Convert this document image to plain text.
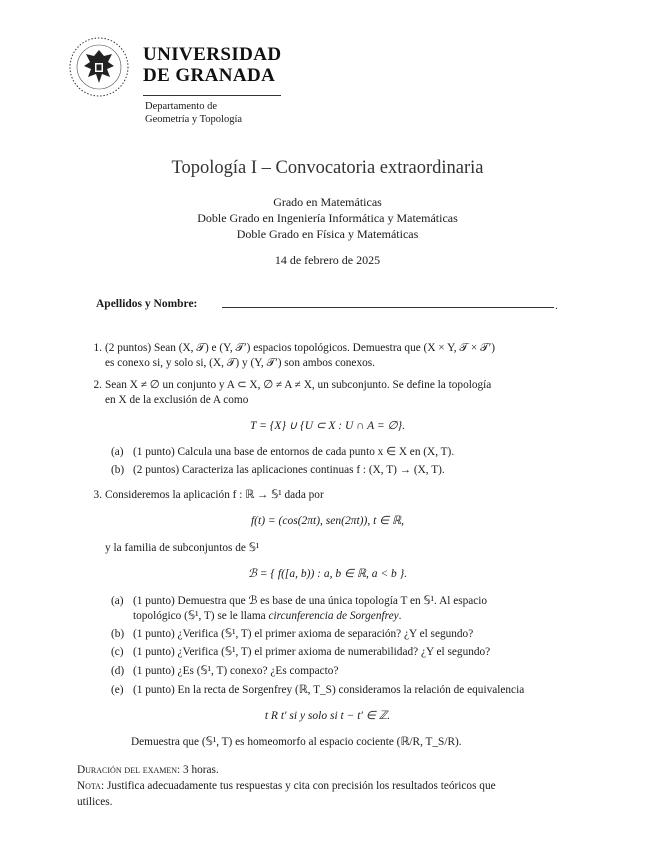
UNIVERSIDAD
DE GRANADA
Departamento de
Geometría y Topología
Topología I – Convocatoria extraordinaria
Grado en Matemáticas
Doble Grado en Ingeniería Informática y Matemáticas
Doble Grado en Física y Matemáticas
14 de febrero de 2025
Apellidos y Nombre:	.
1. (2 puntos) Sean (X, 𝒯) e (Y, 𝒯′) espacios topológicos. Demuestra que (X × Y, 𝒯 × 𝒯′)
es conexo si, y solo si, (X, 𝒯) y (Y, 𝒯′) son ambos conexos.
2. Sean X ≠ ∅ un conjunto y A ⊂ X, ∅ ≠ A ≠ X, un subconjunto. Se define la topología
en X de la exclusión de A como
T = {X} ∪ {U ⊂ X : U ∩ A = ∅}.
(a) (1 punto) Calcula una base de entornos de cada punto x ∈ X en (X, T).
(b) (2 puntos) Caracteriza las aplicaciones continuas f : (X, T) → (X, T).
3. Consideremos la aplicación f : ℝ → 𝕊¹ dada por
f(t) = (cos(2πt), sen(2πt)), t ∈ ℝ,
y la familia de subconjuntos de 𝕊¹
ℬ = { f([a, b)) : a, b ∈ ℝ, a < b }.
(a) (1 punto) Demuestra que ℬ es base de una única topología T en 𝕊¹. Al espacio
topológico (𝕊¹, T) se le llama circunferencia de Sorgenfrey.
(b) (1 punto) ¿Verifica (𝕊¹, T) el primer axioma de separación? ¿Y el segundo?
(c) (1 punto) ¿Verifica (𝕊¹, T) el primer axioma de numerabilidad? ¿Y el segundo?
(d) (1 punto) ¿Es (𝕊¹, T) conexo? ¿Es compacto?
(e) (1 punto) En la recta de Sorgenfrey (ℝ, T_S) consideramos la relación de equivalencia
t R t′ si y solo si t − t′ ∈ ℤ.
Demuestra que (𝕊¹, T) es homeomorfo al espacio cociente (ℝ/R, T_S/R).
Duración del examen: 3 horas.
Nota: Justifica adecuadamente tus respuestas y cita con precisión los resultados teóricos que
utilices.
